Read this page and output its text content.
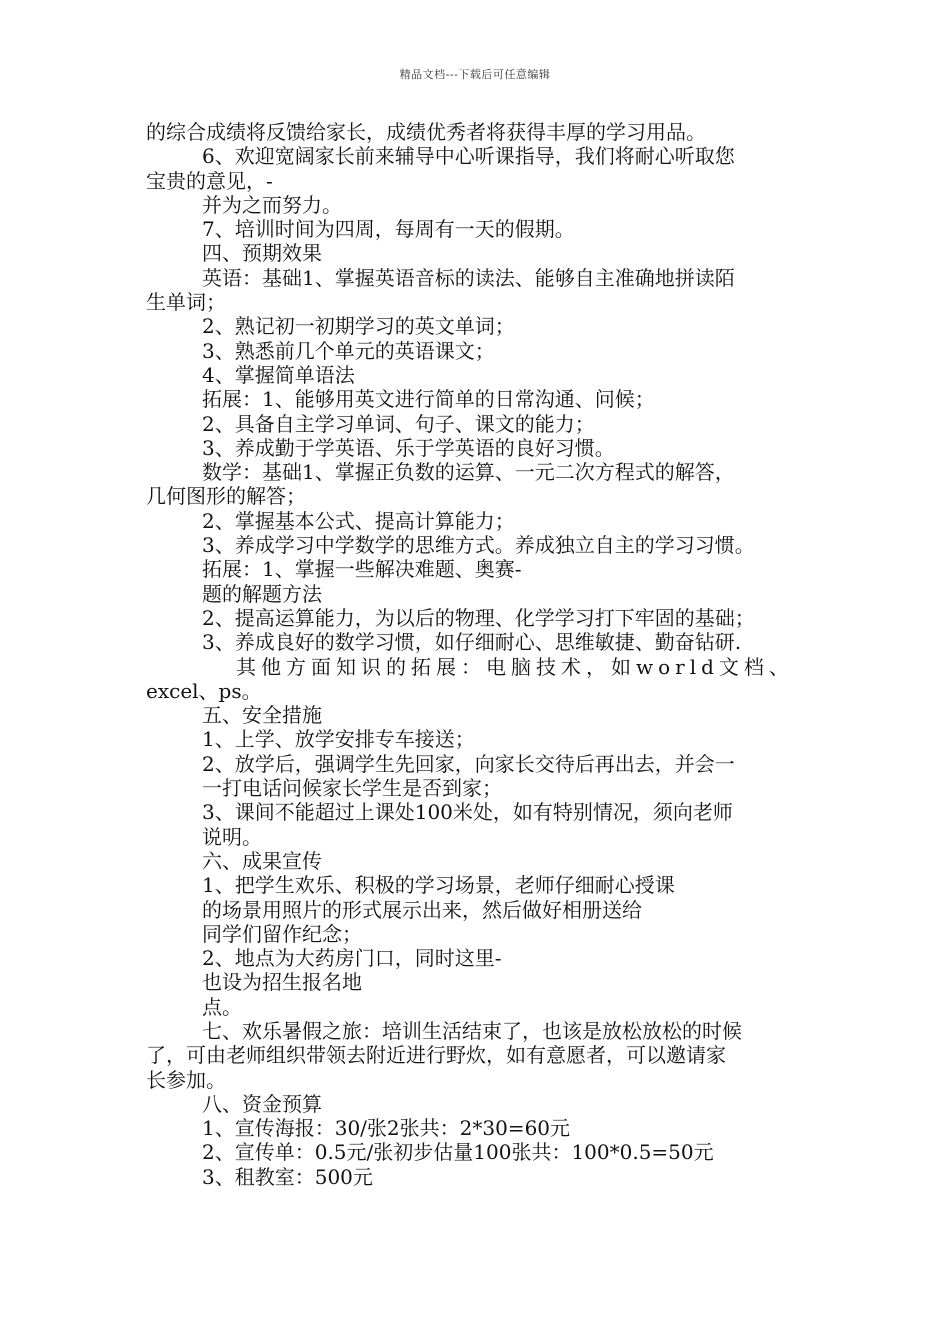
精品文档---下载后可任意编辑
的综合成绩将反馈给家长，成绩优秀者将获得丰厚的学习用品。
6、欢迎宽阔家长前来辅导中心听课指导，我们将耐心听取您
宝贵的意见，-
并为之而努力。
7、培训时间为四周，每周有一天的假期。
四、预期效果
英语：基础1、掌握英语音标的读法、能够自主准确地拼读陌
生单词；
2、熟记初一初期学习的英文单词；
3、熟悉前几个单元的英语课文；
4、掌握简单语法
拓展：1、能够用英文进行简单的日常沟通、问候；
2、具备自主学习单词、句子、课文的能力；
3、养成勤于学英语、乐于学英语的良好习惯。
数学：基础1、掌握正负数的运算、一元二次方程式的解答，
几何图形的解答；
2、掌握基本公式、提高计算能力；
3、养成学习中学数学的思维方式。养成独立自主的学习习惯。
拓展：1、掌握一些解决难题、奥赛-
题的解题方法
2、提高运算能力，为以后的物理、化学学习打下牢固的基础；
3、养成良好的数学习惯，如仔细耐心、思维敏捷、勤奋钻研.
其他方面知识的拓展：电脑技术，如world文档、
excel、ps。
五、安全措施
1、上学、放学安排专车接送；
2、放学后，强调学生先回家，向家长交待后再出去，并会一
一打电话问候家长学生是否到家；
3、课间不能超过上课处100米处，如有特别情况，须向老师
说明。
六、成果宣传
1、把学生欢乐、积极的学习场景，老师仔细耐心授课
的场景用照片的形式展示出来，然后做好相册送给
同学们留作纪念；
2、地点为大药房门口，同时这里-
也设为招生报名地
点。
七、欢乐暑假之旅：培训生活结束了，也该是放松放松的时候
了，可由老师组织带领去附近进行野炊，如有意愿者，可以邀请家
长参加。
八、资金预算
1、宣传海报：30/张2张共：2*30=60元
2、宣传单：0.5元/张初步估量100张共：100*0.5=50元
3、租教室：500元
